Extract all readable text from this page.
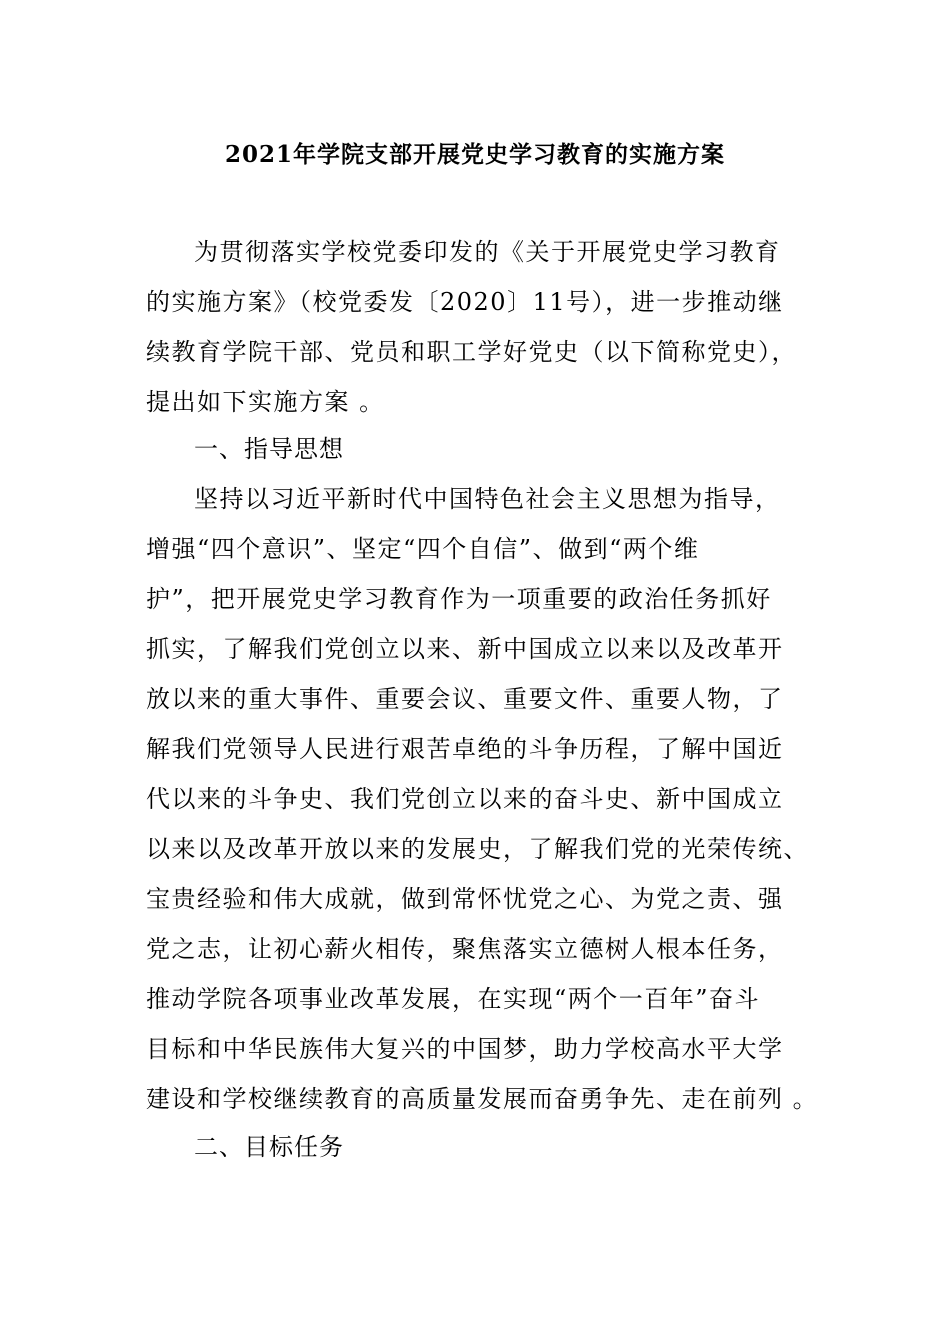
2021年学院支部开展党史学习教育的实施方案
为贯彻落实学校党委印发的《关于开展党史学习教育
的实施方案》（校党委发〔2020〕11号），进一步推动继
续教育学院干部、党员和职工学好党史（以下简称党史），
提出如下实施方案 。
一、指导思想
坚持以习近平新时代中国特色社会主义思想为指导，
增强“四个意识”、坚定“四个自信”、做到“两个维
护”，把开展党史学习教育作为一项重要的政治任务抓好
抓实，了解我们党创立以来、新中国成立以来以及改革开
放以来的重大事件、重要会议、重要文件、重要人物，了
解我们党领导人民进行艰苦卓绝的斗争历程，了解中国近
代以来的斗争史、我们党创立以来的奋斗史、新中国成立
以来以及改革开放以来的发展史，了解我们党的光荣传统、
宝贵经验和伟大成就，做到常怀忧党之心、为党之责、强
党之志，让初心薪火相传，聚焦落实立德树人根本任务，
推动学院各项事业改革发展，在实现“两个一百年”奋斗
目标和中华民族伟大复兴的中国梦，助力学校高水平大学
建设和学校继续教育的高质量发展而奋勇争先、走在前列 。
二、目标任务
